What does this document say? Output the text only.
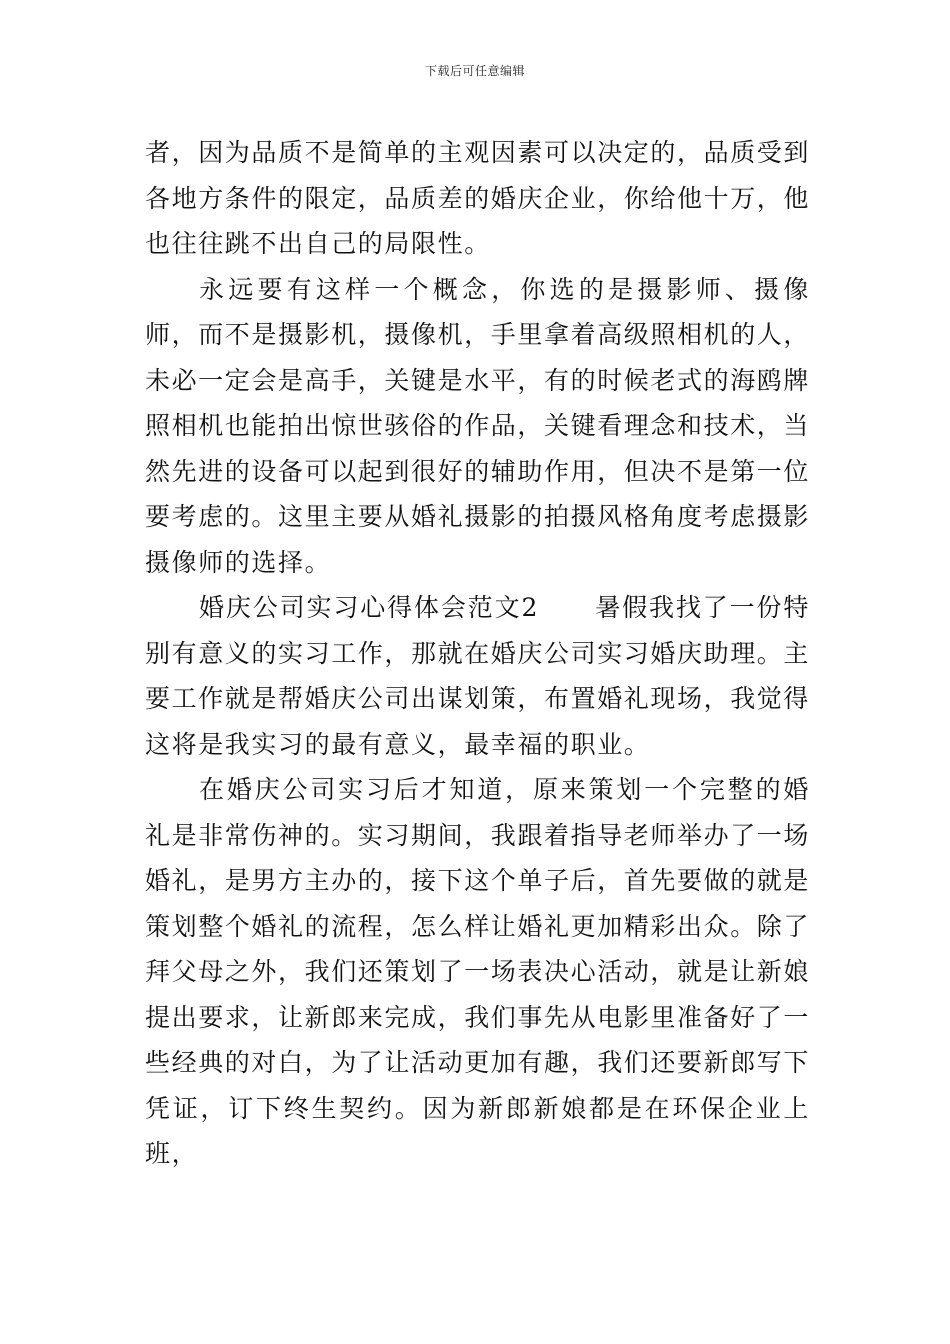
下载后可任意编辑

者，因为品质不是简单的主观因素可以决定的，品质受到各地方条件的限定，品质差的婚庆企业，你给他十万，他也往往跳不出自己的局限性。

永远要有这样一个概念，你选的是摄影师、摄像师，而不是摄影机，摄像机，手里拿着高级照相机的人，未必一定会是高手，关键是水平，有的时候老式的海鸥牌照相机也能拍出惊世骇俗的作品，关键看理念和技术，当然先进的设备可以起到很好的辅助作用，但决不是第一位要考虑的。这里主要从婚礼摄影的拍摄风格角度考虑摄影摄像师的选择。

婚庆公司实习心得体会范文2 暑假我找了一份特别有意义的实习工作，那就在婚庆公司实习婚庆助理。主要工作就是帮婚庆公司出谋划策，布置婚礼现场，我觉得这将是我实习的最有意义，最幸福的职业。

在婚庆公司实习后才知道，原来策划一个完整的婚礼是非常伤神的。实习期间，我跟着指导老师举办了一场婚礼，是男方主办的，接下这个单子后，首先要做的就是策划整个婚礼的流程，怎么样让婚礼更加精彩出众。除了拜父母之外，我们还策划了一场表决心活动，就是让新娘提出要求，让新郎来完成，我们事先从电影里准备好了一些经典的对白，为了让活动更加有趣，我们还要新郎写下凭证，订下终生契约。因为新郎新娘都是在环保企业上班，
